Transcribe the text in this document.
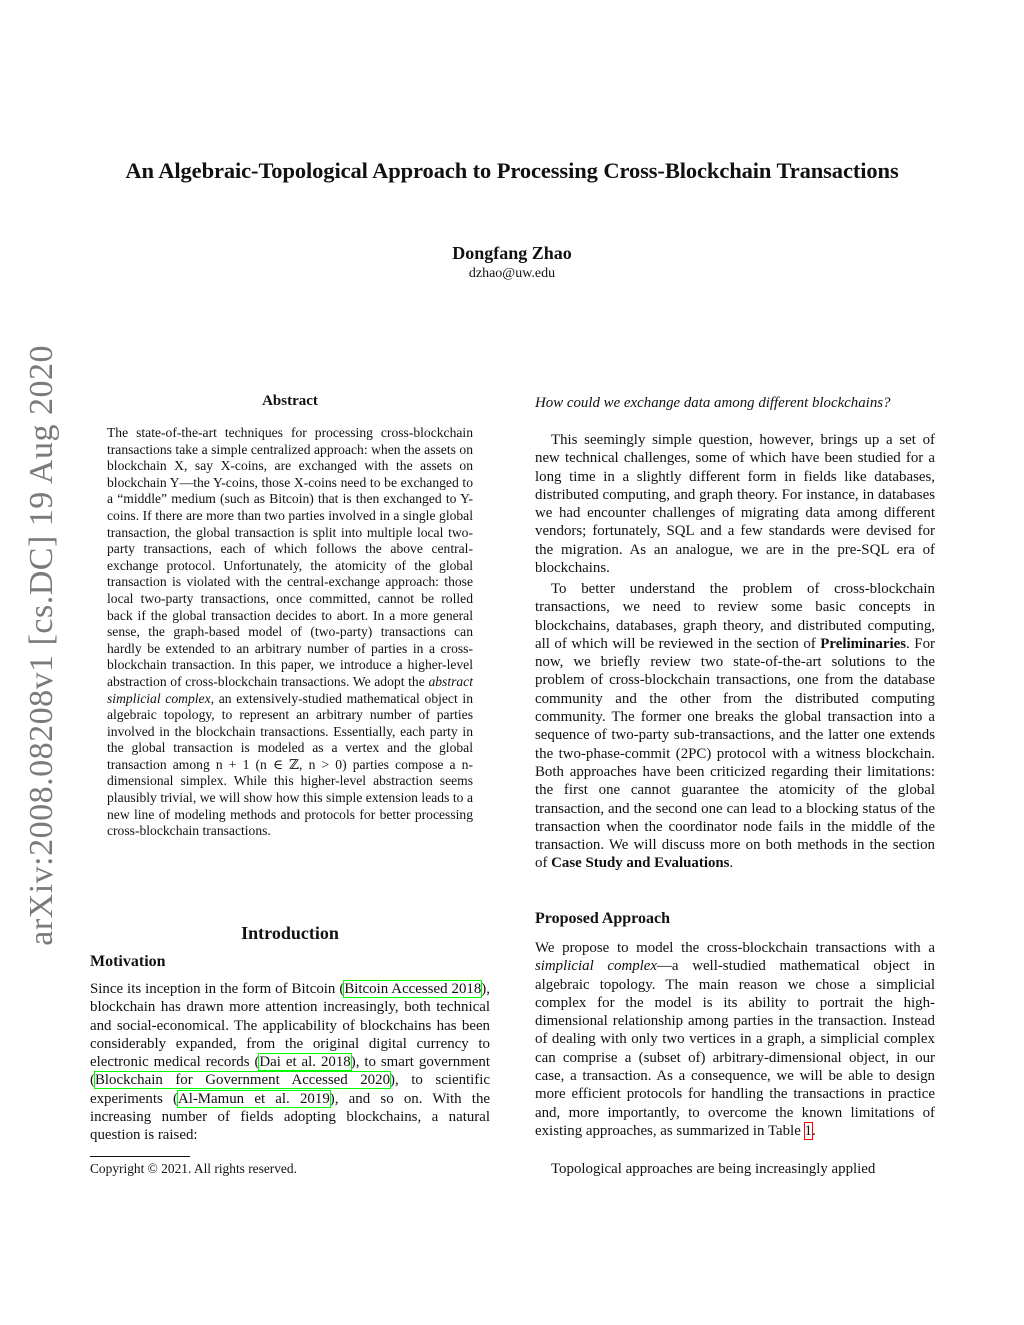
arXiv:2008.08208v1 [cs.DC] 19 Aug 2020
An Algebraic-Topological Approach to Processing Cross-Blockchain Transactions
Dongfang Zhao
dzhao@uw.edu
Abstract
The state-of-the-art techniques for processing cross-blockchain transactions take a simple centralized approach: when the assets on blockchain X, say X-coins, are exchanged with the assets on blockchain Y—the Y-coins, those X-coins need to be exchanged to a “middle” medium (such as Bitcoin) that is then exchanged to Y-coins. If there are more than two parties involved in a single global transaction, the global transaction is split into multiple local two-party transactions, each of which follows the above central-exchange protocol. Unfortunately, the atomicity of the global transaction is violated with the central-exchange approach: those local two-party transactions, once committed, cannot be rolled back if the global transaction decides to abort. In a more general sense, the graph-based model of (two-party) transactions can hardly be extended to an arbitrary number of parties in a cross-blockchain transaction. In this paper, we introduce a higher-level abstraction of cross-blockchain transactions. We adopt the abstract simplicial complex, an extensively-studied mathematical object in algebraic topology, to represent an arbitrary number of parties involved in the blockchain transactions. Essentially, each party in the global transaction is modeled as a vertex and the global transaction among n + 1 (n ∈ ℤ, n > 0) parties compose a n-dimensional simplex. While this higher-level abstraction seems plausibly trivial, we will show how this simple extension leads to a new line of modeling methods and protocols for better processing cross-blockchain transactions.
Introduction
Motivation
Since its inception in the form of Bitcoin (Bitcoin Accessed 2018), blockchain has drawn more attention increasingly, both technical and social-economical. The applicability of blockchains has been considerably expanded, from the original digital currency to electronic medical records (Dai et al. 2018), to smart government (Blockchain for Government Accessed 2020), to scientific experiments (Al-Mamun et al. 2019), and so on. With the increasing number of fields adopting blockchains, a natural question is raised:
Copyright © 2021. All rights reserved.
How could we exchange data among different blockchains?

This seemingly simple question, however, brings up a set of new technical challenges, some of which have been studied for a long time in a slightly different form in fields like databases, distributed computing, and graph theory. For instance, in databases we had encounter challenges of migrating data among different vendors; fortunately, SQL and a few standards were devised for the migration. As an analogue, we are in the pre-SQL era of blockchains.

To better understand the problem of cross-blockchain transactions, we need to review some basic concepts in blockchains, databases, graph theory, and distributed computing, all of which will be reviewed in the section of Preliminaries. For now, we briefly review two state-of-the-art solutions to the problem of cross-blockchain transactions, one from the database community and the other from the distributed computing community. The former one breaks the global transaction into a sequence of two-party sub-transactions, and the latter one extends the two-phase-commit (2PC) protocol with a witness blockchain. Both approaches have been criticized regarding their limitations: the first one cannot guarantee the atomicity of the global transaction, and the second one can lead to a blocking status of the transaction when the coordinator node fails in the middle of the transaction. We will discuss more on both methods in the section of Case Study and Evaluations.

Proposed Approach

We propose to model the cross-blockchain transactions with a simplicial complex—a well-studied mathematical object in algebraic topology. The main reason we chose a simplicial complex for the model is its ability to portrait the high-dimensional relationship among parties in the transaction. Instead of dealing with only two vertices in a graph, a simplicial complex can comprise a (subset of) arbitrary-dimensional object, in our case, a transaction. As a consequence, we will be able to design more efficient protocols for handling the transactions in practice and, more importantly, to overcome the known limitations of existing approaches, as summarized in Table 1.

Topological approaches are being increasingly applied
